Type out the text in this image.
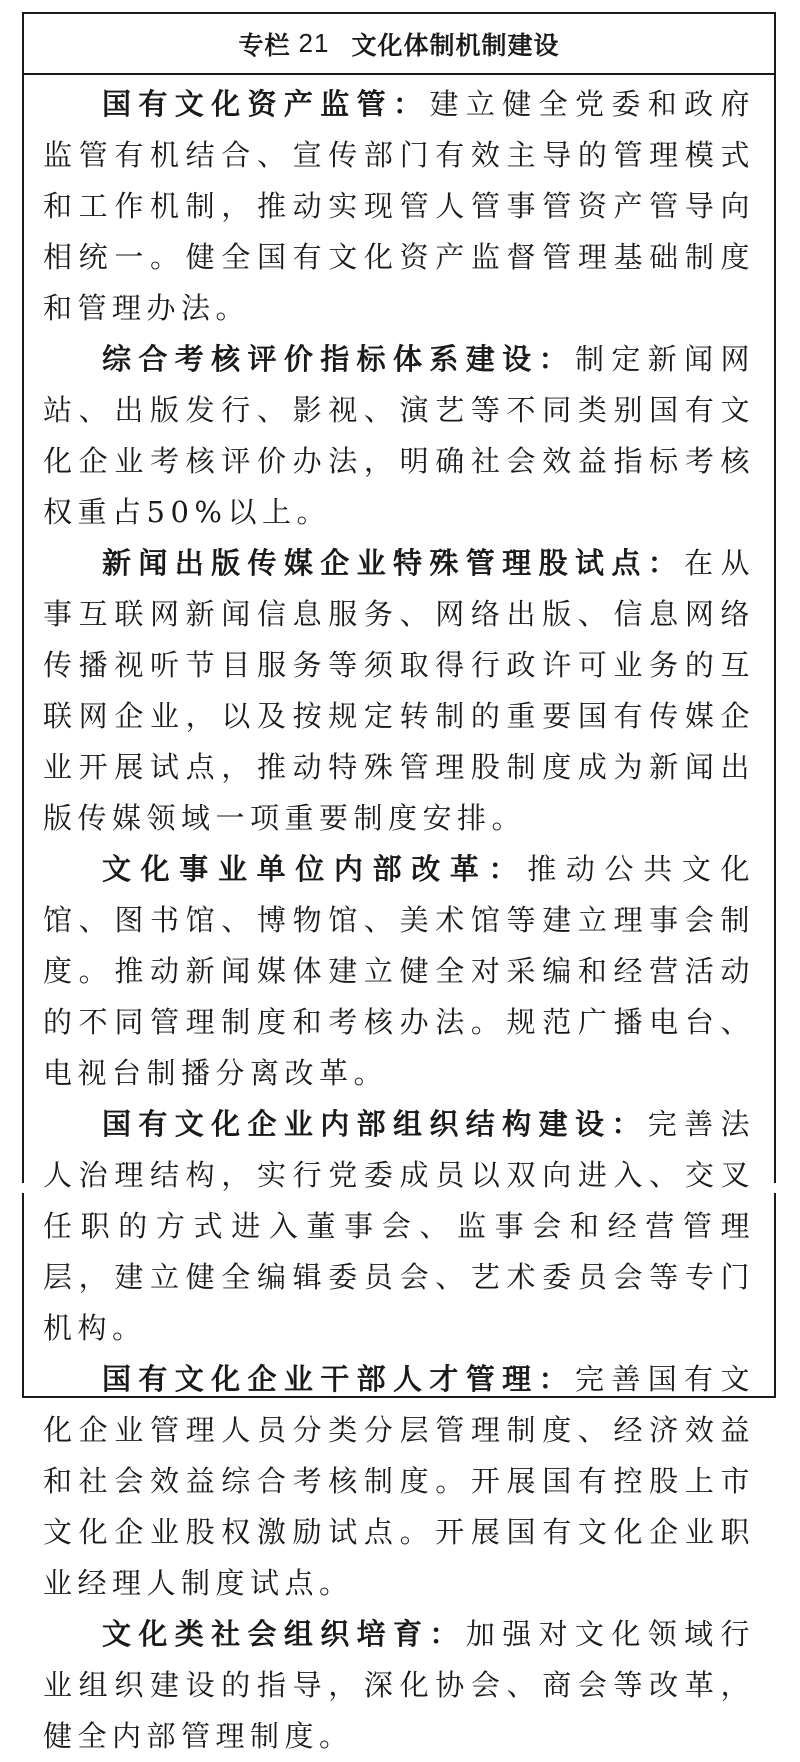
专栏 21 文化体制机制建设

国有文化资产监管：建立健全党委和政府监管有机结合、宣传部门有效主导的管理模式和工作机制，推动实现管人管事管资产管导向相统一。健全国有文化资产监督管理基础制度和管理办法。

综合考核评价指标体系建设：制定新闻网站、出版发行、影视、演艺等不同类别国有文化企业考核评价办法，明确社会效益指标考核权重占50%以上。

新闻出版传媒企业特殊管理股试点：在从事互联网新闻信息服务、网络出版、信息网络传播视听节目服务等须取得行政许可业务的互联网企业，以及按规定转制的重要国有传媒企业开展试点，推动特殊管理股制度成为新闻出版传媒领域一项重要制度安排。

文化事业单位内部改革：推动公共文化馆、图书馆、博物馆、美术馆等建立理事会制度。推动新闻媒体建立健全对采编和经营活动的不同管理制度和考核办法。规范广播电台、电视台制播分离改革。

国有文化企业内部组织结构建设：完善法人治理结构，实行党委成员以双向进入、交叉任职的方式进入董事会、监事会和经营管理层，建立健全编辑委员会、艺术委员会等专门机构。

国有文化企业干部人才管理：完善国有文化企业管理人员分类分层管理制度、经济效益和社会效益综合考核制度。开展国有控股上市文化企业股权激励试点。开展国有文化企业职业经理人制度试点。

文化类社会组织培育：加强对文化领域行业组织建设的指导，深化协会、商会等改革，健全内部管理制度。
